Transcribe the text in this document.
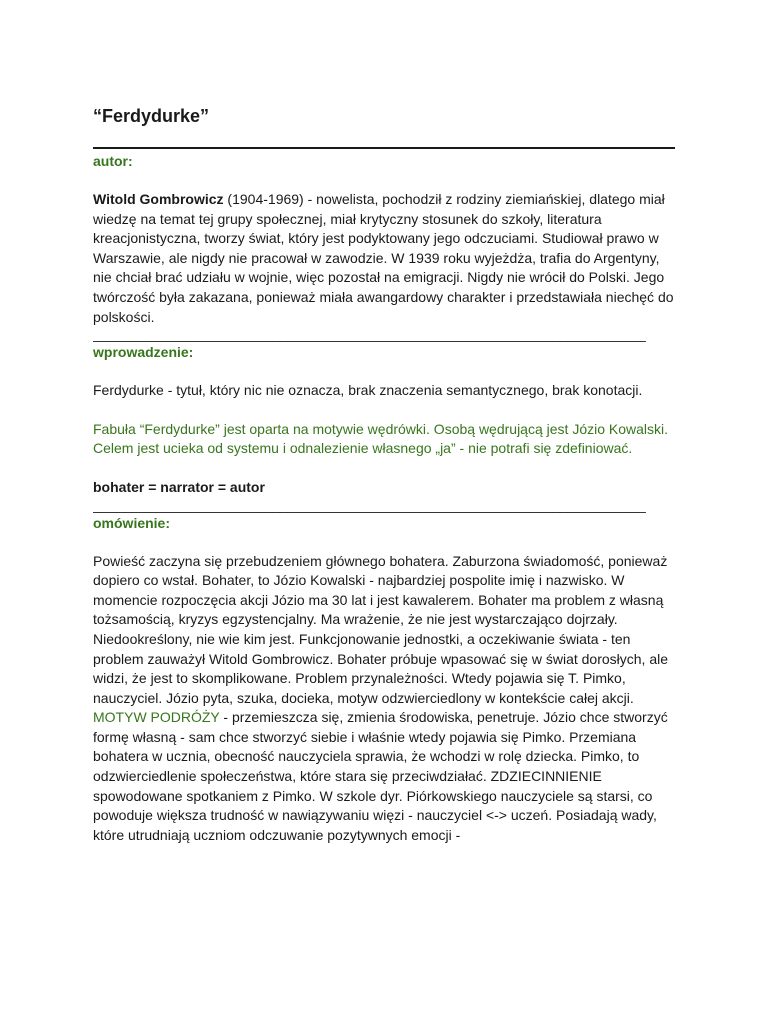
“Ferdydurke”
autor:

Witold Gombrowicz (1904-1969) - nowelista, pochodził z rodziny ziemiańskiej, dlatego miał wiedzę na temat tej grupy społecznej, miał krytyczny stosunek do szkoły, literatura kreacjonistyczna, tworzy świat, który jest podyktowany jego odczuciami. Studiował prawo w Warszawie, ale nigdy nie pracował w zawodzie. W 1939 roku wyjeżdża, trafia do Argentyny, nie chciał brać udziału w wojnie, więc pozostał na emigracji. Nigdy nie wrócił do Polski. Jego twórczość była zakazana, ponieważ miała awangardowy charakter i przedstawiała niechęć do polskości.

_______________________________________________________________________
wprowadzenie:

Ferdydurke - tytuł, który nic nie oznacza, brak znaczenia semantycznego, brak konotacji.

Fabuła “Ferdydurke” jest oparta na motywie wędrówki. Osobą wędrującą jest Józio Kowalski. Celem jest ucieka od systemu i odnalezienie własnego „ja” - nie potrafi się zdefiniować.

bohater = narrator = autor

_______________________________________________________________________
omówienie:

Powieść zaczyna się przebudzeniem głównego bohatera. Zaburzona świadomość, ponieważ dopiero co wstał. Bohater, to Józio Kowalski - najbardziej pospolite imię i nazwisko. W momencie rozpoczęcia akcji Józio ma 30 lat i jest kawalerem. Bohater ma problem z własną tożsamością, kryzys egzystencjalny. Ma wrażenie, że nie jest wystarczająco dojrzały. Niedookreślony, nie wie kim jest. Funkcjonowanie jednostki, a oczekiwanie świata - ten problem zauważył Witold Gombrowicz. Bohater próbuje wpasować się w świat dorosłych, ale widzi, że jest to skomplikowane. Problem przynależności. Wtedy pojawia się T. Pimko, nauczyciel. Józio pyta, szuka, docieka, motyw odzwierciedlony w kontekście całej akcji. MOTYW PODRÓŻY - przemieszcza się, zmienia środowiska, penetruje. Józio chce stworzyć formę własną - sam chce stworzyć siebie i właśnie wtedy pojawia się Pimko. Przemiana bohatera w ucznia, obecność nauczyciela sprawia, że wchodzi w rolę dziecka. Pimko, to odzwierciedlenie społeczeństwa, które stara się przeciwdziałać. ZDZIECINNIENIE spowodowane spotkaniem z Pimko. W szkole dyr. Piórkowskiego nauczyciele są starsi, co powoduje większa trudność w nawiązywaniu więzi - nauczyciel <-> uczeń. Posiadają wady, które utrudniają uczniom odczuwanie pozytywnych emocji -
